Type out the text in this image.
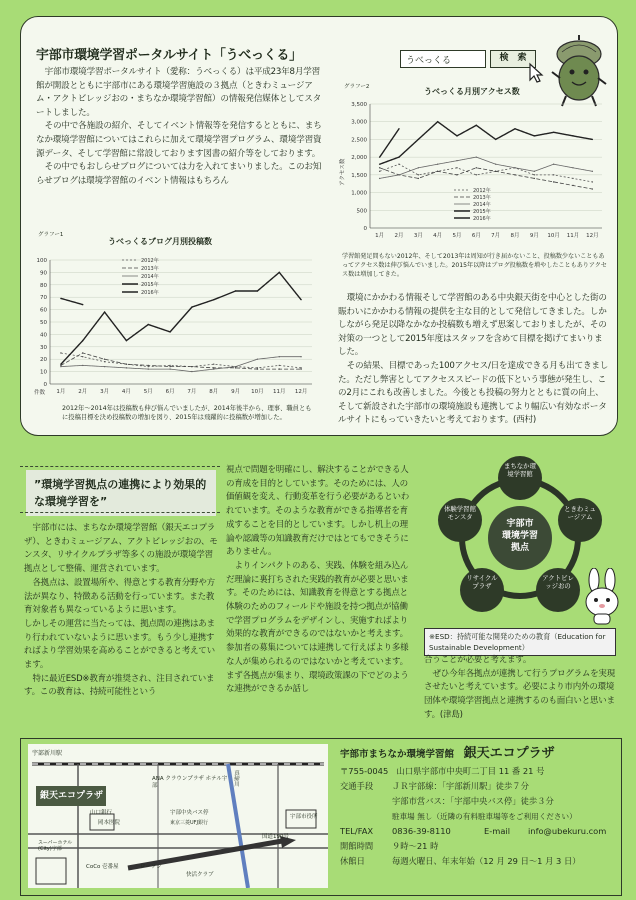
宇部市環境学習ポータルサイト「うべっくる」	うべっくる	検　索
宇部市環境学習ポータルサイト（愛称：うべっくる）は平成23年8月学習館が開設とともに宇部市にある環境学習施設の３拠点（ときわミュージアム・アクトビレッジおの・まちなか環境学習館）の情報発信媒体としてスタートしました。
その中で各施設の紹介、そしてイベント情報等を発信するとともに、まちなか環境学習館についてはこれらに加えて環境学習プログラム、環境学習資源データ、そして学習館に常設しております図書の紹介等をしております。
その中でもおしらせブログについては力を入れてまいりました。このお知らせブログは環境学習館のイベント情報はもちろん
グラフー1
うべっくるブログ月別投稿数
0
10
20
30
40
50
60
70
80
90
100
1月 2月 3月 4月 5月 6月 7月 8月 9月 10月 11月 12月
2012年
2013年
2014年
2015年
2016年
件数
2012年～2014年は投稿数も伸び悩んでいましたが、2014年後半から、理事、職員ともに投稿目標を決め投稿数の増加を図り、2015年は飛躍的に投稿数が増加した。
グラフー2	うべっくる月別アクセス数
0
500
1,000
1,500
2,000
2,500
3,000
3,500
1月 2月 3月 4月 5月 6月 7月 8月 9月 10月 11月 12月
2012年
2013年
2014年
2015年
2016年
アクセス数
学習館発足間もない2012年、そして2013年は周知が行き届かないこと、投稿数少ないこともあってアクセス数は伸び悩んでいました。2015年以降はブログ投稿数を増やしたこともありアクセス数は増加してきた。
環境にかかわる情報そして学習館のある中央銀天街を中心とした街の賑わいにかかわる情報の提供を主な目的として発信してきました。しかしながら発足以降なかなか投稿数も増えず思案しておりましたが、その対策の一つとして2015年度はスタッフを含めて目標を掲げてまいりました。
その結果、目標であった100アクセス/日を達成できる月も出てきました。ただし弊害としてアクセススピードの低下という事態が発生し、この2月にこれも改善しました。今後とも投稿の努力とともに質の向上、そして新設された宇部市の環境施設も連携してより幅広い有効なポータルサイトにもっていきたいと考えております。(西村)
”環境学習拠点の連携により効果的な環境学習を”
宇部市には、まちなか環境学習館（銀天エコプラザ）、ときわミュージアム、アクトビレッジおの、モンスタ、リサイクルプラザ等多くの施設が環境学習拠点として整備、運営されています。
各拠点は、設置場所や、得意とする教育分野や方法が異なり、特徴ある活動を行っています。また教育対象者も異なっているように思います。
しかしその運営に当たっては、拠点間の連携はあまり行われていないように思います。もう少し連携すればより学習効果を高めることができると考えています。
特に最近ESD※教育が推奨され、注目されています。この教育は、持続可能性という
視点で問題を明確にし、解決することができる人の育成を目的としています。そのためには、人の価値観を変え、行動変革を行う必要があるといわれています。そのような教育ができる指導者を育成することを目的としています。しかし机上の理論や認識等の知識教育だけではとてもできそうにありません。
よりインパクトのある、実践、体験を組み込んだ理論に裏打ちされた実践的教育が必要と思います。そのためには、知識教育を得意とする拠点と体験のためのフィールドや施設を持つ拠点が協働で学習プログラムをデザインし、実施すればより効果的な教育ができるのではないかと考えます。参加者の募集については連携して行えばより多様な人が集められるのではないかと考えています。まず各拠点が集まり、環境政策課の下でどのような連携ができるか話し
宇部市
環境学習
拠点
まちなか環境学習館
ときわミュージアム
アクトビレッジおの
リサイクルプラザ
体験学習館モンスタ
※ESD：持続可能な開発のための教育（Education for Sustainable Development）
合うことが必要と考えます。
ぜひ今年各拠点が連携して行うプログラムを実現させたいと考えています。必要により市内外の環境団体や環境学習拠点と連携するのも面白いと思います。(津島)
宇部新川駅
銀天エコプラザ
ANA クラウンプラザ ホテル宇部
宇部中央バス停
宇部市役所
国道190号
CoCo 壱番屋	ローソン
スーパーホテル(City)宇部
快活クラブ
岡本医院
山口銀行
東京三菱UFJ銀行
真締川
宇部市まちなか環境学習館 銀天エコプラザ
〒755-0045　山口県宇部市中央町二丁目 11 番 21 号
交通手段 ＪＲ宇部線：「宇部新川駅」徒歩７分
宇部市営バス：「宇部中央バス停」徒歩３分
駐車場 無し（近隣の有料駐車場等をご利用ください）
TEL/FAX 0836-39-8110	E-mail info@ubekuru.com
開館時間 ９時～21 時
休館日	毎週火曜日、年末年始（12 月 29 日～1 月 3 日）
